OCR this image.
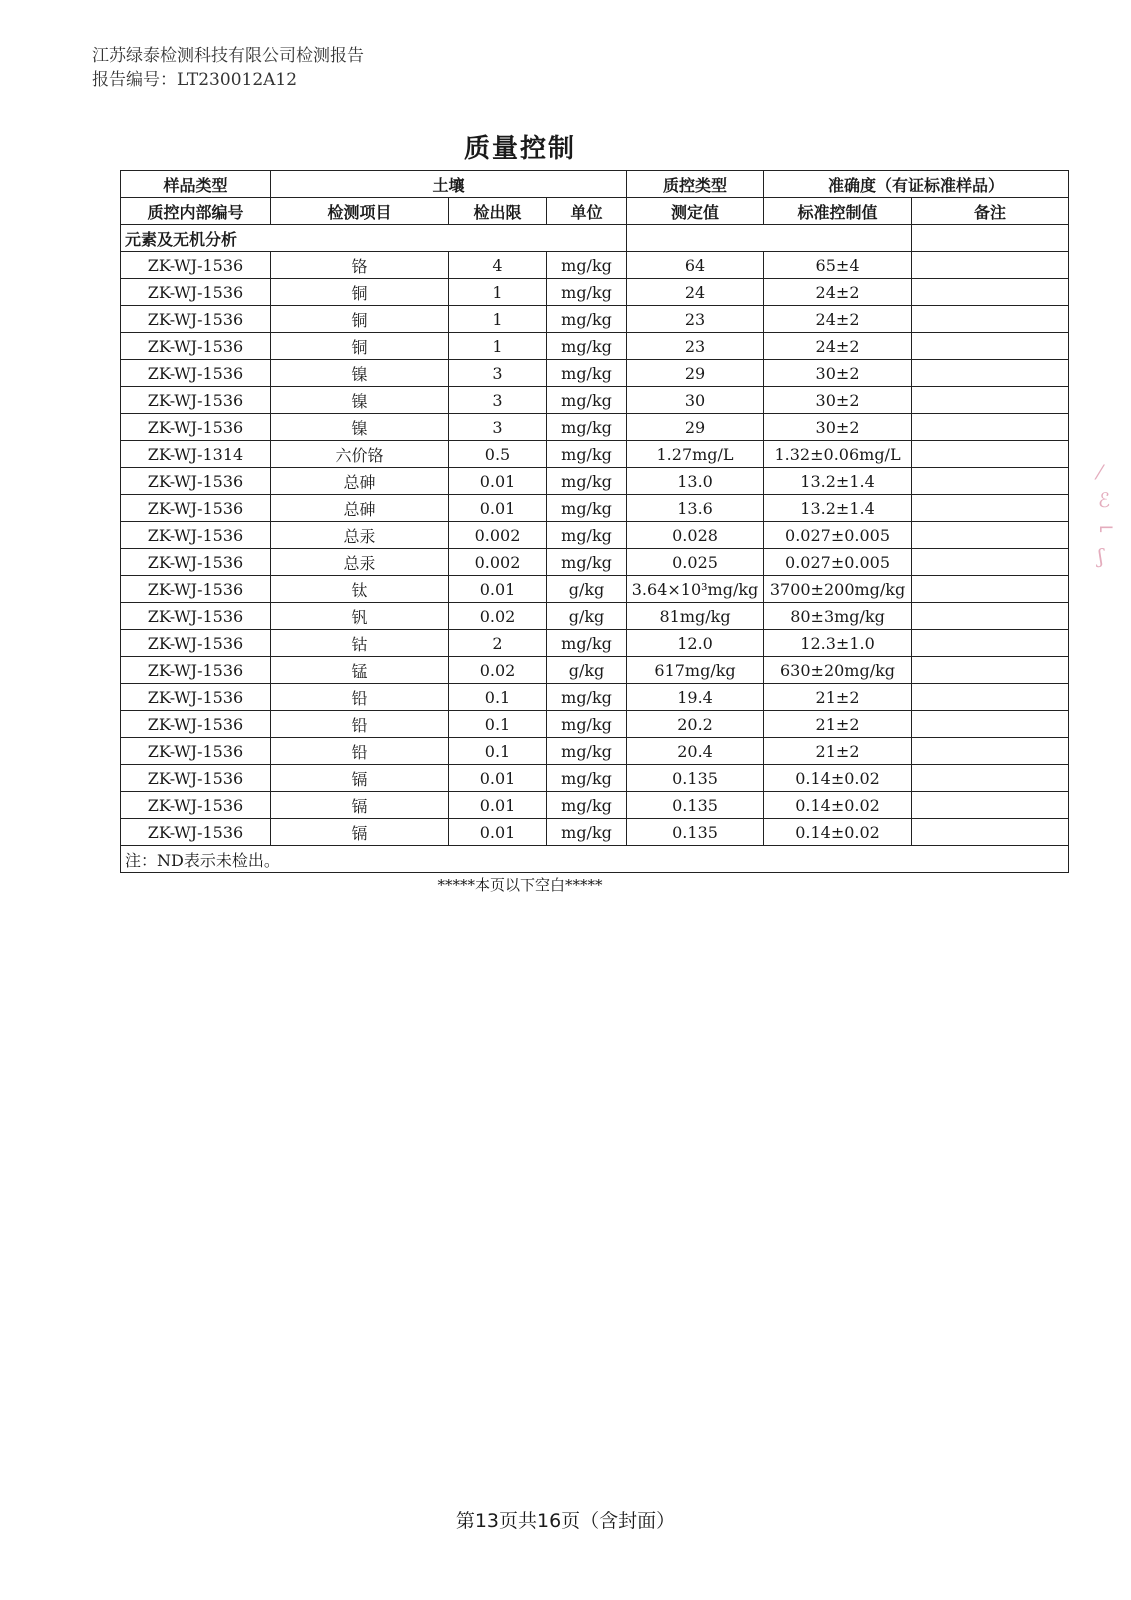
江苏绿泰检测科技有限公司检测报告
报告编号：LT230012A12
质量控制
样品类型	土壤			质控类型	准确度（有证标准样品）	
质控内部编号	检测项目	检出限	单位	测定值	标准控制值	备注
元素及无机分析						
ZK-WJ-1536	铬	4	mg/kg	64	65±4	
ZK-WJ-1536	铜	1	mg/kg	24	24±2	
ZK-WJ-1536	铜	1	mg/kg	23	24±2	
ZK-WJ-1536	铜	1	mg/kg	23	24±2	
ZK-WJ-1536	镍	3	mg/kg	29	30±2	
ZK-WJ-1536	镍	3	mg/kg	30	30±2	
ZK-WJ-1536	镍	3	mg/kg	29	30±2	
ZK-WJ-1314	六价铬	0.5	mg/kg	1.27mg/L	1.32±0.06mg/L	
ZK-WJ-1536	总砷	0.01	mg/kg	13.0	13.2±1.4	
ZK-WJ-1536	总砷	0.01	mg/kg	13.6	13.2±1.4	
ZK-WJ-1536	总汞	0.002	mg/kg	0.028	0.027±0.005	
ZK-WJ-1536	总汞	0.002	mg/kg	0.025	0.027±0.005	
ZK-WJ-1536	钛	0.01	g/kg	3.64×10³mg/kg	3700±200mg/kg	
ZK-WJ-1536	钒	0.02	g/kg	81mg/kg	80±3mg/kg	
ZK-WJ-1536	钴	2	mg/kg	12.0	12.3±1.0	
ZK-WJ-1536	锰	0.02	g/kg	617mg/kg	630±20mg/kg	
ZK-WJ-1536	铅	0.1	mg/kg	19.4	21±2	
ZK-WJ-1536	铅	0.1	mg/kg	20.2	21±2	
ZK-WJ-1536	铅	0.1	mg/kg	20.4	21±2	
ZK-WJ-1536	镉	0.01	mg/kg	0.135	0.14±0.02	
ZK-WJ-1536	镉	0.01	mg/kg	0.135	0.14±0.02	
ZK-WJ-1536	镉	0.01	mg/kg	0.135	0.14±0.02	
注：ND表示未检出。						
*****本页以下空白*****
第13页共16页（含封面）
⁄
ℰ
⌐
ʃ
